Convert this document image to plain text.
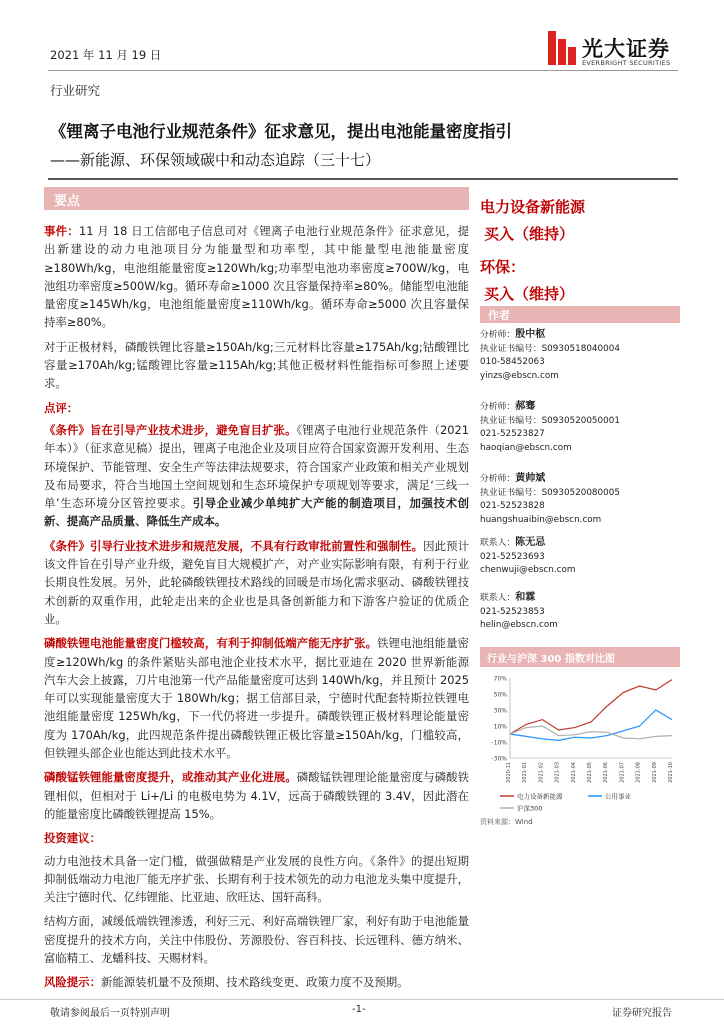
2021 年 11 月 19 日	光大证券
EVERBRIGHT SECURITIES
行业研究
《锂离子电池行业规范条件》征求意见，提出电池能量密度指引
——新能源、环保领域碳中和动态追踪（三十七）
要点

事件：11 月 18 日工信部电子信息司对《锂离子电池行业规范条件》征求意见，提出新建设的动力电池项目分为能量型和功率型，其中能量型电池能量密度≥180Wh/kg，电池组能量密度≥120Wh/kg;功率型电池功率密度≥700W/kg，电池组功率密度≥500W/kg。循环寿命≥1000 次且容量保持率≥80%。储能型电池能量密度≥145Wh/kg，电池组能量密度≥110Wh/kg。循环寿命≥5000 次且容量保持率≥80%。

对于正极材料，磷酸铁锂比容量≥150Ah/kg;三元材料比容量≥175Ah/kg;钴酸锂比容量≥170Ah/kg;锰酸锂比容量≥115Ah/kg;其他正极材料性能指标可参照上述要求。

点评：

《条件》旨在引导产业技术进步，避免盲目扩张。《锂离子电池行业规范条件（2021 年本）》（征求意见稿）提出，锂离子电池企业及项目应符合国家资源开发利用、生态环境保护、节能管理、安全生产等法律法规要求，符合国家产业政策和相关产业规划及布局要求，符合当地国土空间规划和生态环境保护专项规划等要求，满足‘三线一单’生态环境分区管控要求。引导企业减少单纯扩大产能的制造项目，加强技术创新、提高产品质量、降低生产成本。

《条件》引导行业技术进步和规范发展，不具有行政审批前置性和强制性。因此预计该文件旨在引导产业升级，避免盲目大规模扩产，对产业实际影响有限，有利于行业长期良性发展。另外，此轮磷酸铁锂技术路线的回暖是市场化需求驱动、磷酸铁锂技术创新的双重作用，此轮走出来的企业也是具备创新能力和下游客户验证的优质企业。

磷酸铁锂电池能量密度门槛较高，有利于抑制低端产能无序扩张。铁锂电池组能量密度≥120Wh/kg 的条件紧贴头部电池企业技术水平，据比亚迪在 2020 世界新能源汽车大会上披露，刀片电池第一代产品能量密度可达到 140Wh/kg，并且预计 2025 年可以实现能量密度大于 180Wh/kg；据工信部目录，宁德时代配套特斯拉铁锂电池组能量密度 125Wh/kg，下一代仍将进一步提升。磷酸铁锂正极材料理论能量密度为 170Ah/kg，此四规范条件提出磷酸铁锂正极比容量≥150Ah/kg，门槛较高，但铁锂头部企业也能达到此技术水平。

磷酸锰铁锂能量密度提升，或推动其产业化进展。磷酸锰铁锂理论能量密度与磷酸铁锂相似，但相对于 Li+/Li 的电极电势为 4.1V，远高于磷酸铁锂的 3.4V，因此潜在的能量密度比磷酸铁锂提高 15%。

投资建议：

动力电池技术具备一定门槛，做强做精是产业发展的良性方向。《条件》的提出短期抑制低端动力电池厂能无序扩张、长期有利于技术领先的动力电池龙头集中度提升，关注宁德时代、亿纬锂能、比亚迪、欣旺达、国轩高科。

结构方面，减缓低端铁锂渗透，利好三元、利好高端铁锂厂家，利好有助于电池能量密度提升的技术方向，关注中伟股份、芳源股份、容百科技、长远锂科、德方纳米、富临精工、龙蟠科技、天赐材料。

风险提示：新能源装机量不及预期、技术路线变更、政策力度不及预期。

电力设备新能源
买入（维持）
环保：
买入（维持）
作者
分析师：殷中枢
执业证书编号：S0930518040004
010-58452063
yinzs@ebscn.com
分析师：郝骞
执业证书编号：S0930520050001
021-52523827
haoqian@ebscn.com
分析师：黄帅斌
执业证书编号：S0930520080005
021-52523828
huangshuaibin@ebscn.com
联系人：陈无忌
021-52523693
chenwuji@ebscn.com
联系人：和霖
021-52523853
helin@ebscn.com
行业与沪深 300 指数对比图
70%
50%
30%
10%
-10%
-30%
2020-11 2021-01 2021-02 2021-03 2021-04 2021-05 2021-06 2021-07 2021-08 2021-09 2021-10
电力设备新能源	公用事业
沪深300
资料来源：Wind
敬请参阅最后一页特别声明	-1-	证券研究报告
